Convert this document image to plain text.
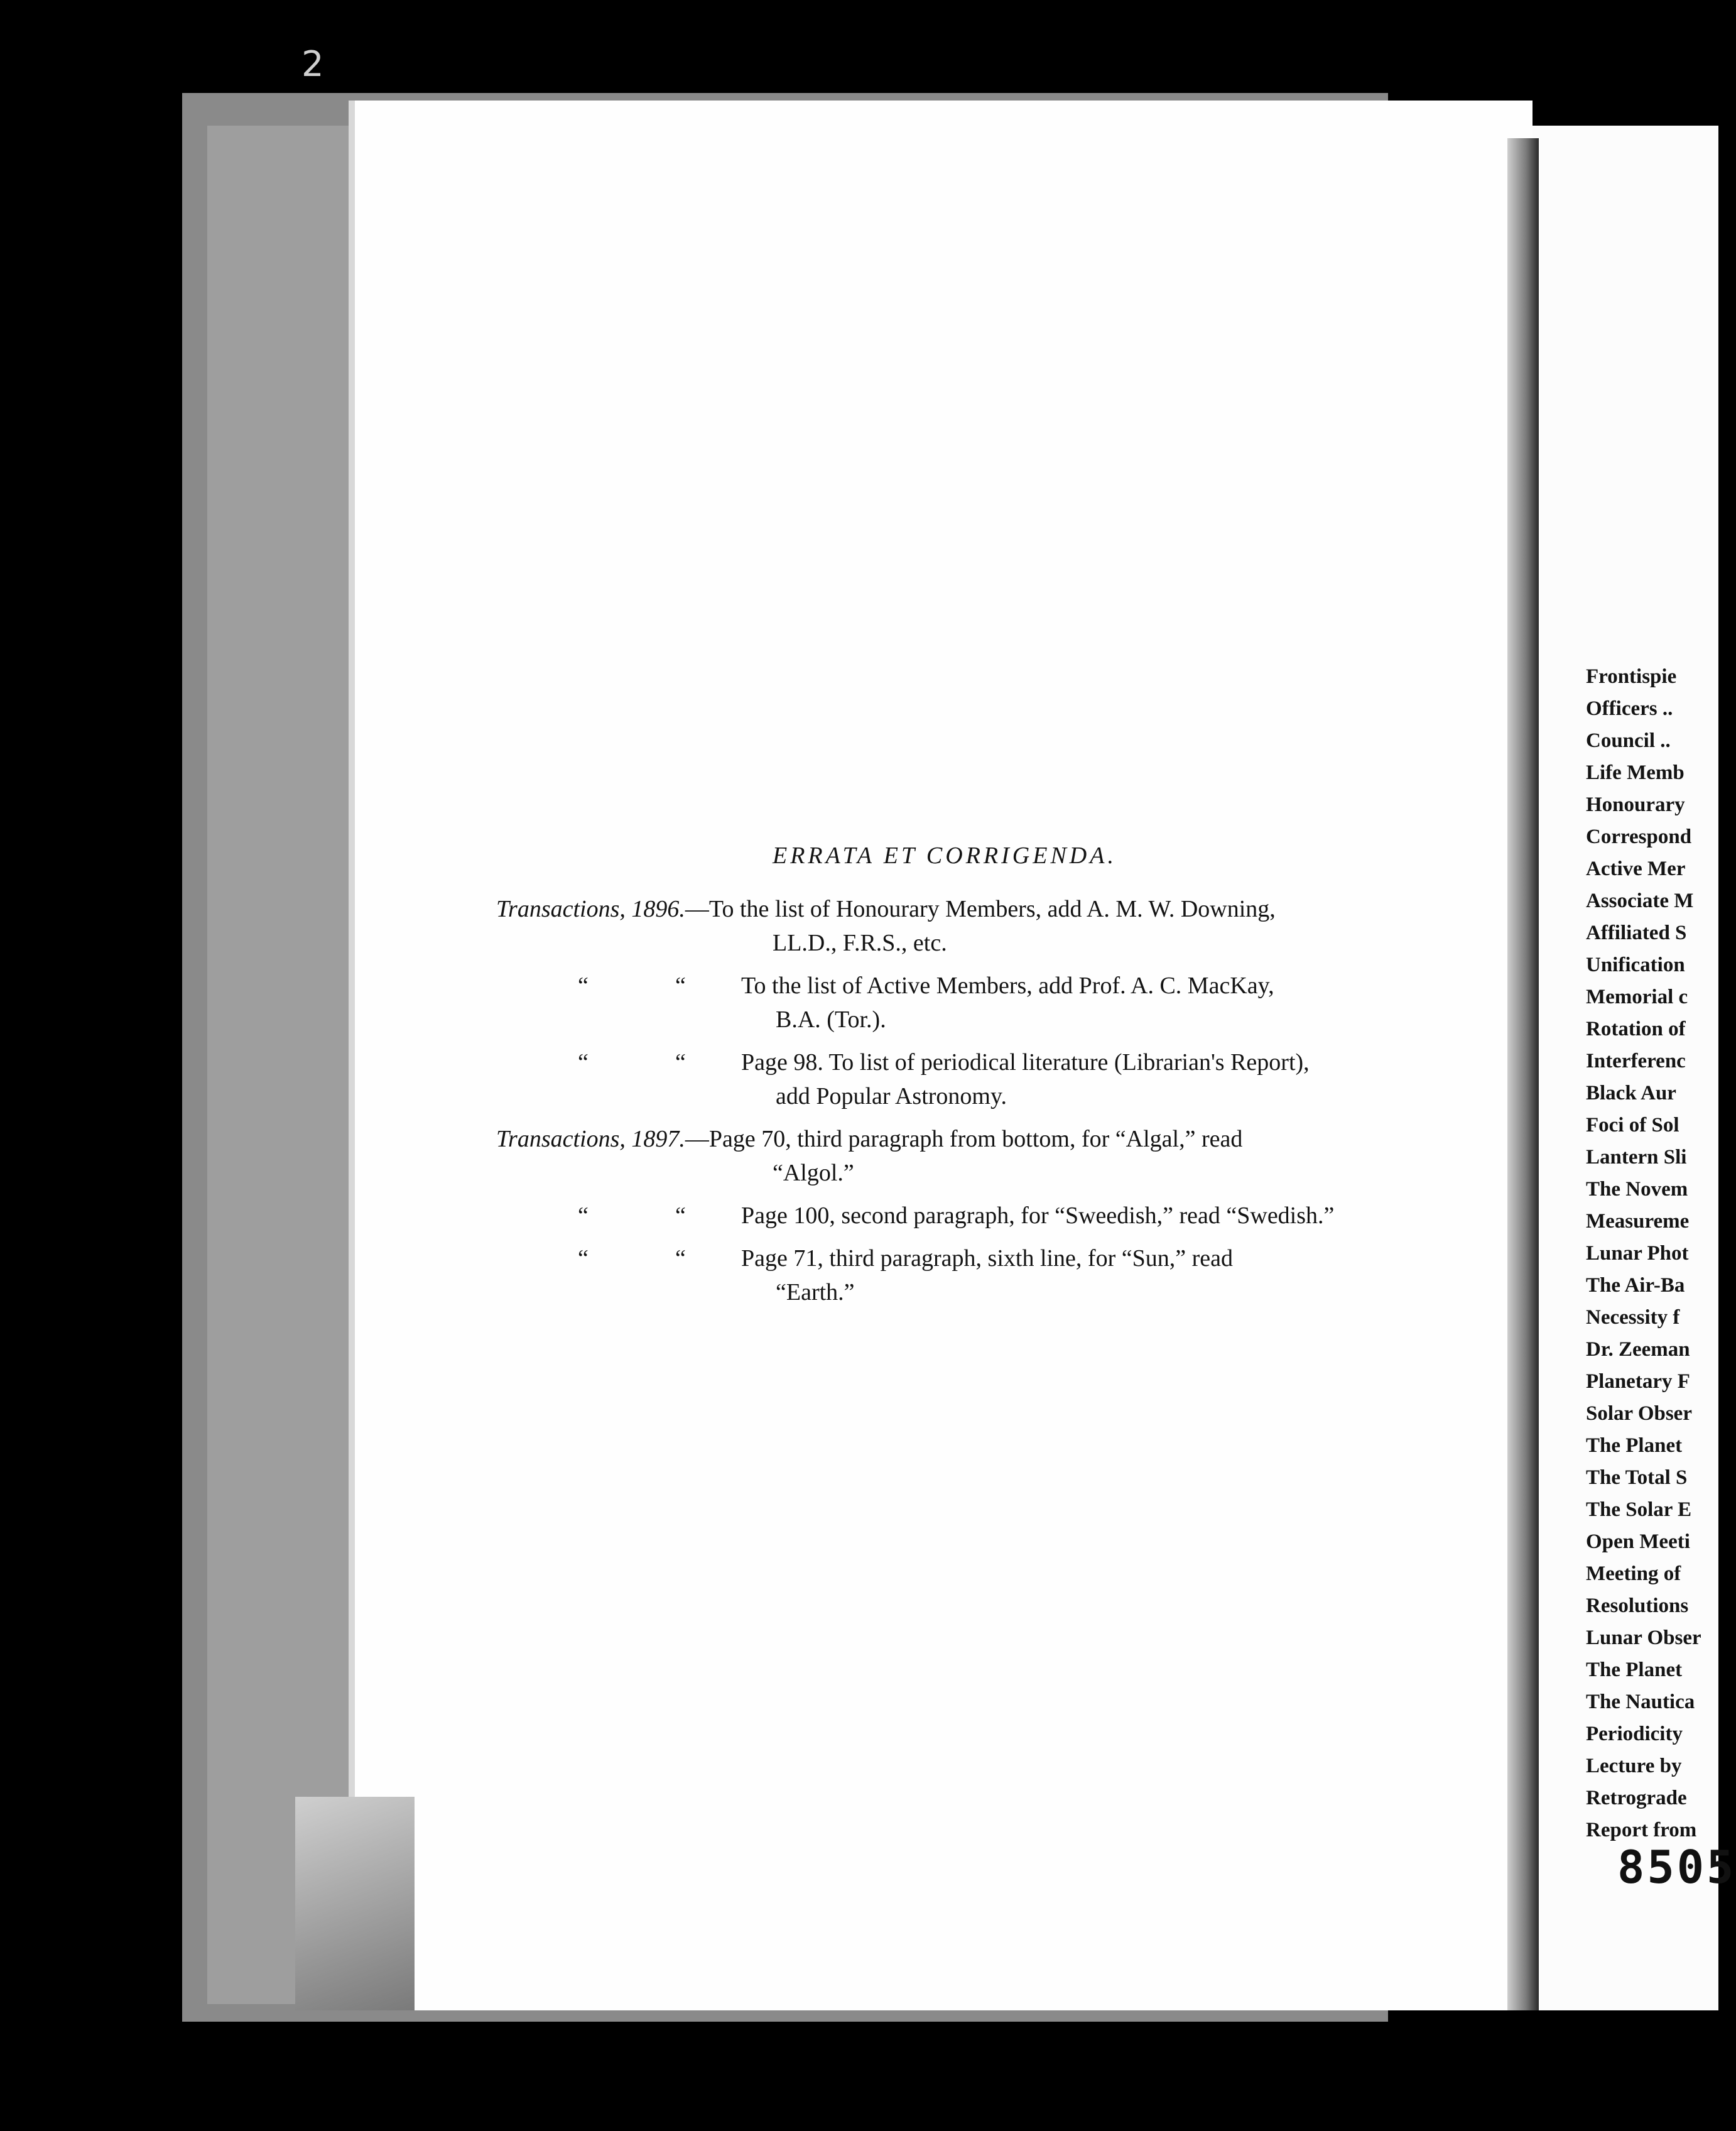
2
ERRATA ET CORRIGENDA.
Transactions, 1896.—To the list of Honourary Members, add A. M. W. Downing,
LL.D., F.R.S., etc.
“	“	To the list of Active Members, add Prof. A. C. MacKay,
B.A. (Tor.).
“	“	Page 98. To list of periodical literature (Librarian's Report),
add Popular Astronomy.
Transactions, 1897.—Page 70, third paragraph from bottom, for “Algal,” read
“Algol.”
“	“	Page 100, second paragraph, for “Sweedish,” read “Swedish.”
“	“	Page 71, third paragraph, sixth line, for “Sun,” read
“Earth.”
Frontispie
Officers ..
Council ..
Life Memb
Honourary
Correspond
Active Mer
Associate M
Affiliated S
Unification
Memorial c
Rotation of
Interferenc
Black Aur
Foci of Sol
Lantern Sli
The Novem
Measureme
Lunar Phot
The Air-Ba
Necessity f
Dr. Zeeman
Planetary F
Solar Obser
The Planet
The Total S
The Solar E
Open Meeti
Meeting of
Resolutions
Lunar Obser
The Planet
The Nautica
Periodicity
Lecture by
Retrograde
Report from
8505
